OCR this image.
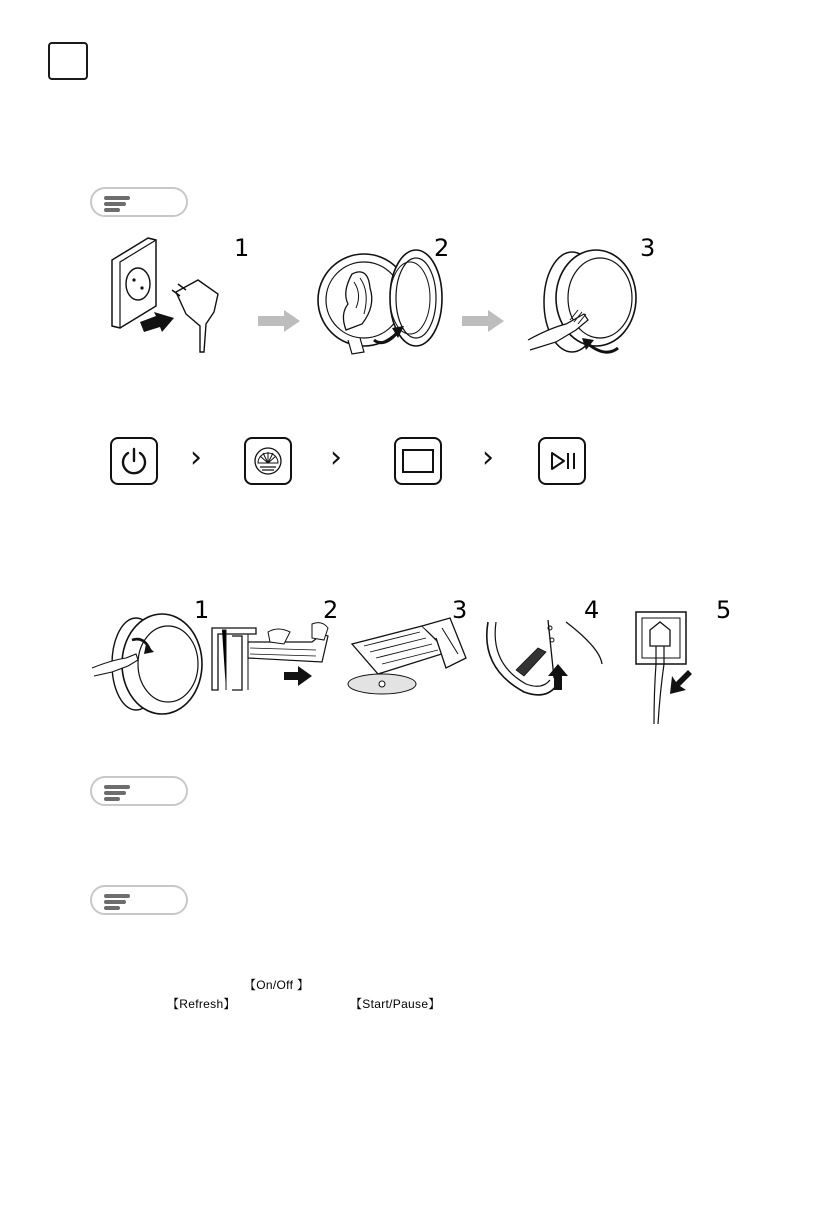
1	2	3
›	›	›
1	2	3	4	5
【On/Off 】
【Refresh】	【Start/Pause】
